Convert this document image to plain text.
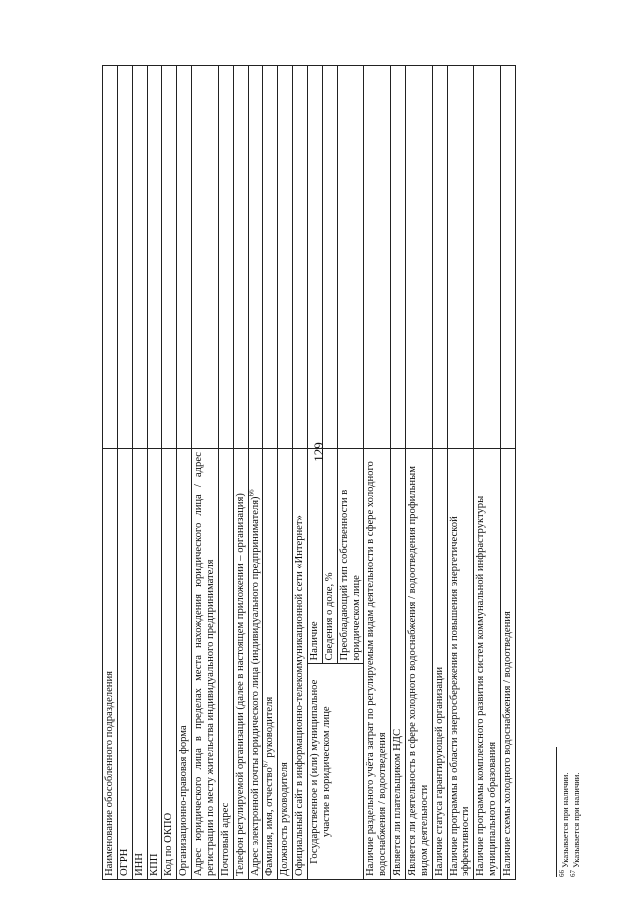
Наименование обособленного подразделения		
ОГРН		
ИНН		
КПП		
Код по ОКПО		
Организационно-правовая форма		
Адрес юридического лица в пределах места нахождения юридического лица / адрес регистрации по месту жительства индивидуального предпринимателя		
Почтовый адрес		
Телефон регулируемой организации (далее в настоящем приложении – организация)		
Адрес электронной почты юридического лица (индивидуального предпринимателя)$^{66}$	
Фамилия, имя, отчество$^{67}$ руководителя		
Должность руководителя		
Официальный сайт в информационно-телекоммуникационной сети «Интернет»		
Государственное и (или) муниципальное участие в юридическом лице	Наличие	
	Сведения о доле, %	
	Преобладающий тип собственности в юридическом лице	
Наличие раздельного учёта затрат по регулируемым видам деятельности в сфере холодного водоснабжения / водоотведения		
Является ли плательщиком НДС		
Является ли деятельность в сфере холодного водоснабжения / водоотведения профильным видом деятельности		
Наличие статуса гарантирующей организации		
Наличие программы в области энергосбережения и повышения энергетической эффективности		
Наличие программы комплексного развития систем коммунальной инфраструктуры муниципального образования		
Наличие схемы холодного водоснабжения / водоотведения			$^{66}$ Указывается при наличии.
$^{67}$ Указывается при наличии.
129
